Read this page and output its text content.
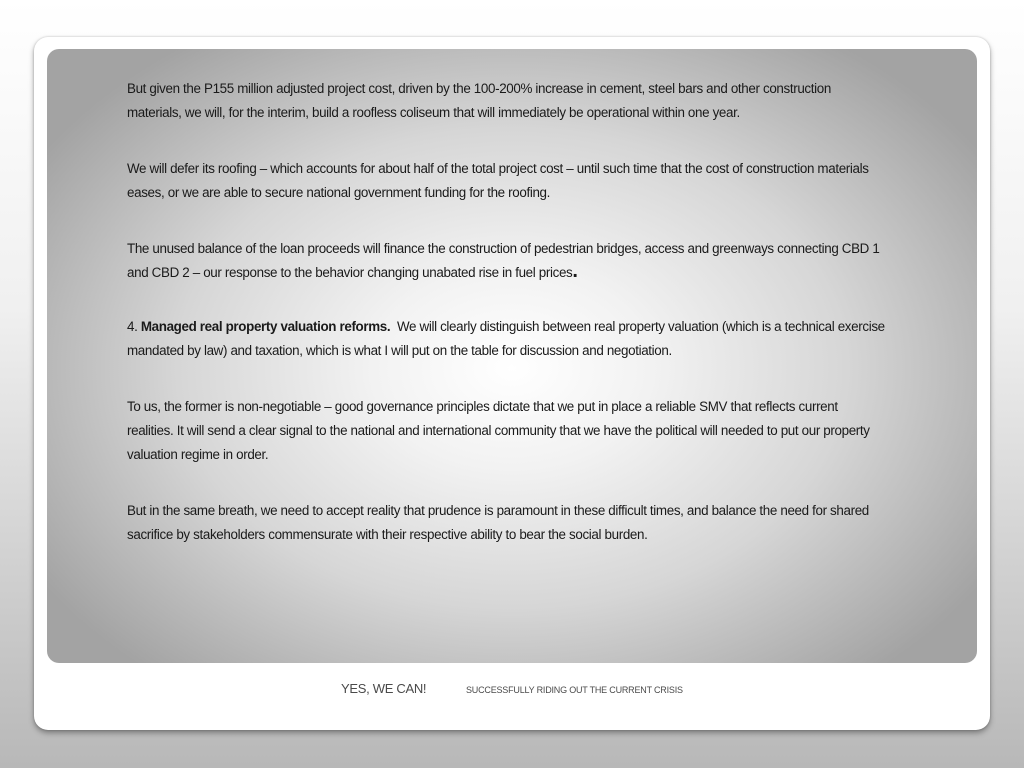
But given the P155 million adjusted project cost, driven by the 100-200% increase in cement, steel bars and other construction materials, we will, for the interim, build a roofless coliseum that will immediately be operational within one year.

We will defer its roofing – which accounts for about half of the total project cost – until such time that the cost of construction materials eases, or we are able to secure national government funding for the roofing.

The unused balance of the loan proceeds will finance the construction of pedestrian bridges, access and greenways connecting CBD 1 and CBD 2 – our response to the behavior changing unabated rise in fuel prices.

4. Managed real property valuation reforms.  We will clearly distinguish between real property valuation (which is a technical exercise mandated by law) and taxation, which is what I will put on the table for discussion and negotiation.

To us, the former is non-negotiable – good governance principles dictate that we put in place a reliable SMV that reflects current realities. It will send a clear signal to the national and international community that we have the political will needed to put our property valuation regime in order.

But in the same breath, we need to accept reality that prudence is paramount in these difficult times, and balance the need for shared sacrifice by stakeholders commensurate with their respective ability to bear the social burden.

YES, WE CAN!	SUCCESSFULLY RIDING OUT THE CURRENT CRISIS
